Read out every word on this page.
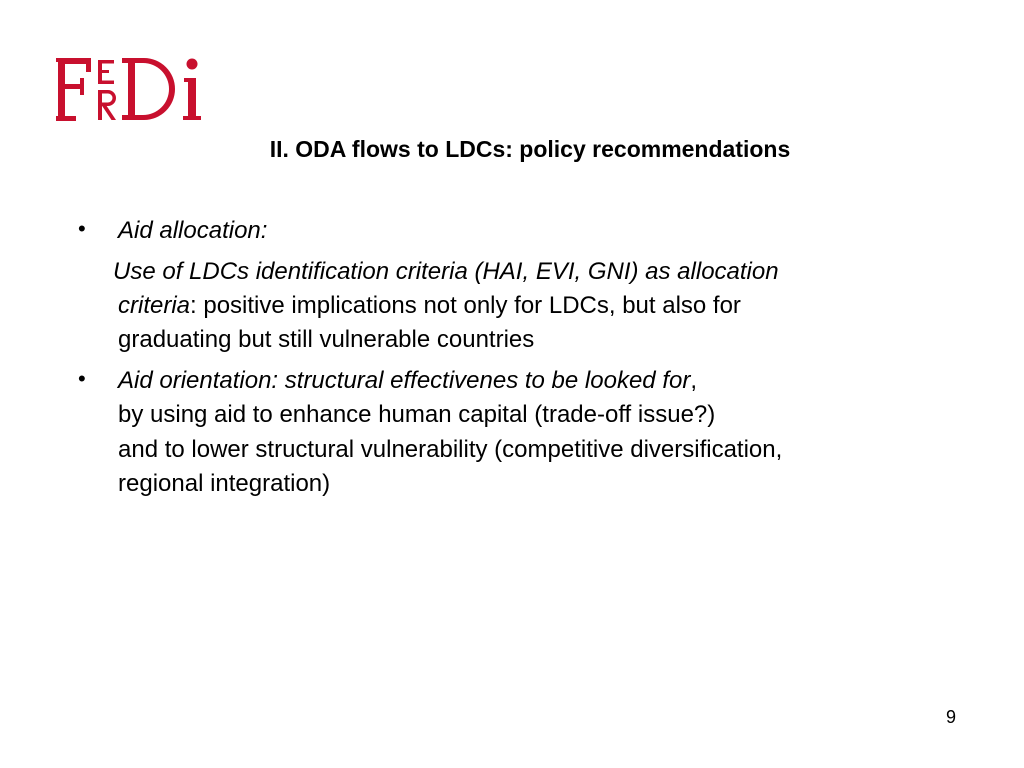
II. ODA flows to LDCs: policy recommendations
• Aid allocation:
Use of LDCs identification criteria (HAI, EVI, GNI) as allocation
criteria: positive implications not only for LDCs, but also for
graduating but still vulnerable countries
• Aid orientation: structural effectivenes to be looked for,
by using aid to enhance human capital (trade-off issue?)
and to lower structural vulnerability (competitive diversification,
regional integration)
9
